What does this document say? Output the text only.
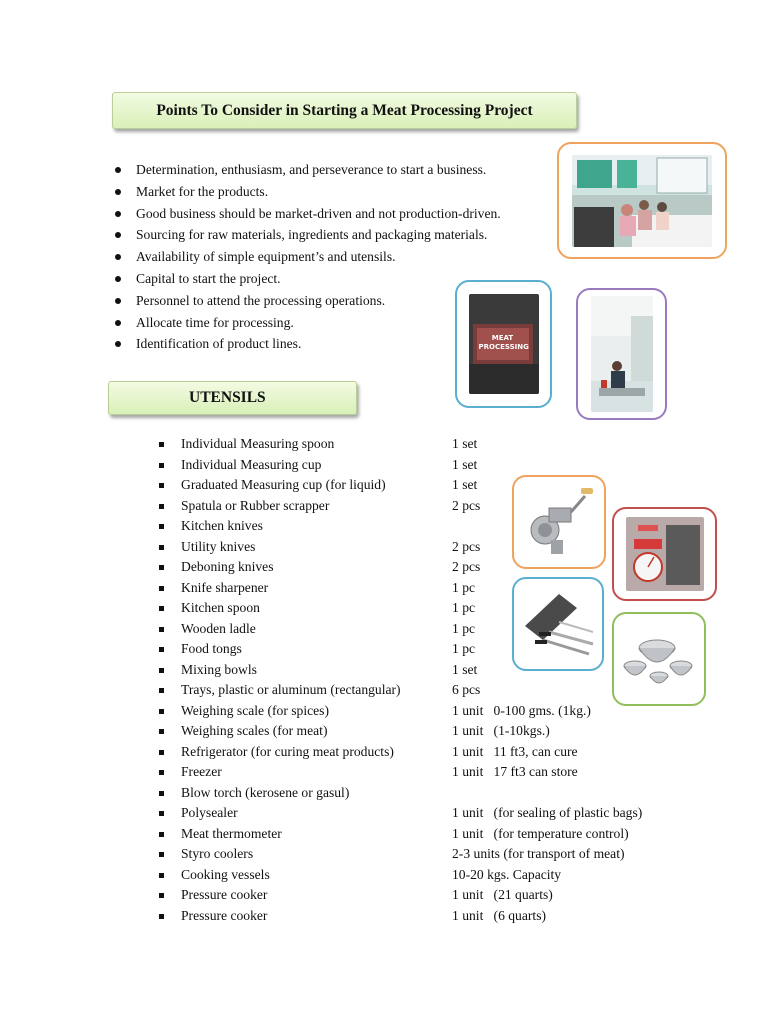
Points To Consider in Starting a Meat Processing Project
Determination, enthusiasm, and perseverance to start a business.
Market for the products.
Good business should be market-driven and not production-driven.
Sourcing for raw materials, ingredients and packaging materials.
Availability of simple equipment’s and utensils.
Capital to start the project.
Personnel to attend the processing operations.
Allocate time for processing.
Identification of product lines.
UTENSILS
Individual Measuring spoon	1 set
Individual Measuring cup	1 set
Graduated Measuring cup (for liquid)	1 set
Spatula or Rubber scrapper	2 pcs
Kitchen knives
Utility knives	2 pcs
Deboning knives	2 pcs
Knife sharpener	1 pc
Kitchen spoon	1 pc
Wooden ladle	1 pc
Food tongs	1 pc
Mixing bowls	1 set
Trays, plastic or aluminum (rectangular)	6 pcs
Weighing scale (for spices)	1 unit   0-100 gms. (1kg.)
Weighing scales (for meat)	1 unit   (1-10kgs.)
Refrigerator (for curing meat products)	1 unit   11 ft3, can cure
Freezer	1 unit   17 ft3 can store
Blow torch (kerosene or gasul)
Polysealer	1 unit   (for sealing of plastic bags)
Meat thermometer	1 unit   (for temperature control)
Styro coolers	2-3 units (for transport of meat)
Cooking vessels	10-20 kgs. Capacity
Pressure cooker	1 unit   (21 quarts)
Pressure cooker	1 unit   (6 quarts)
MEAT PROCESSING
